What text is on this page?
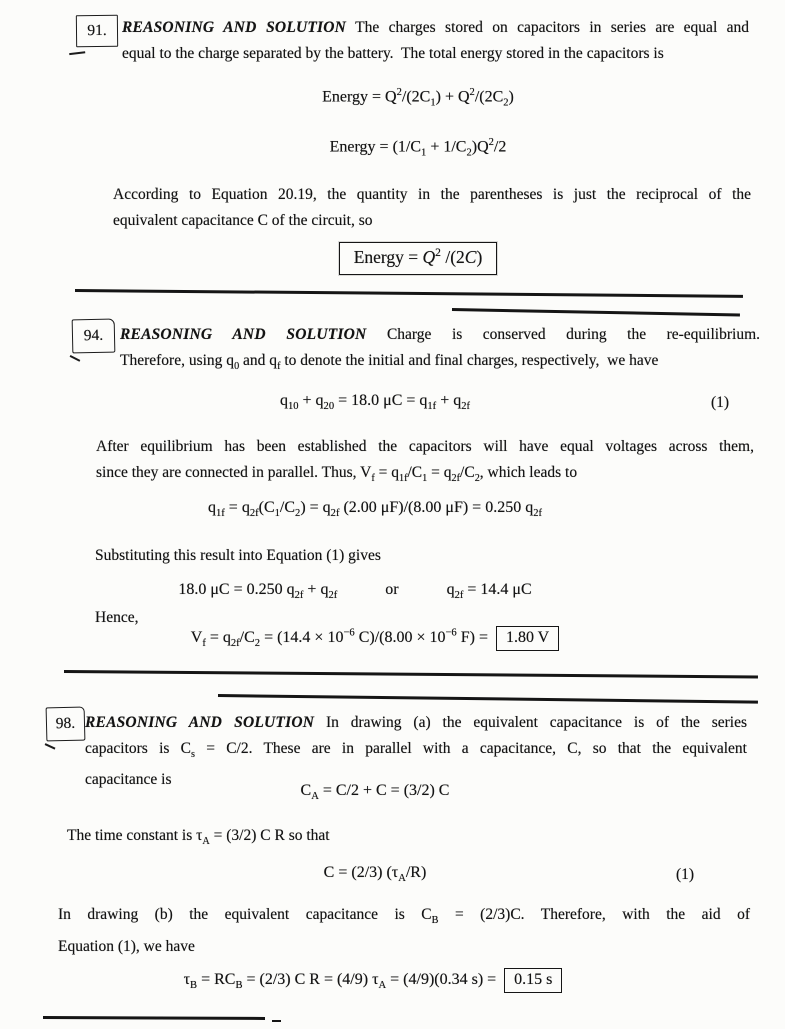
91. REASONING AND SOLUTION The charges stored on capacitors in series are equal and
equal to the charge separated by the battery.  The total energy stored in the capacitors is
Energy = $Q^2/(2C_1) + Q^2/(2C_2)$
Energy = $(1/C_1 + 1/C_2)Q^2/2$
According to Equation 20.19, the quantity in the parentheses is just the reciprocal of the
equivalent capacitance C of the circuit, so
Energy = $Q^2$ /(2C)
94. REASONING AND SOLUTION Charge is conserved during the re-equilibrium.
Therefore, using $q_0$ and $q_f$ to denote the initial and final charges, respectively,  we have
$q_{10} + q_{20} = 18.0$ $\mu C = q_{1f} + q_{2f}$	(1)
After equilibrium has been established the capacitors will have equal voltages across them,
since they are connected in parallel. Thus, $V_f = q_{1f}/C_1 = q_{2f}/C_2$, which leads to
$q_{1f} = q_{2f}(C_1/C_2) = q_{2f}$ (2.00 μF)/(8.00 μF) = 0.250 $q_{2f}$
Substituting this result into Equation (1) gives
18.0 μC = 0.250 $q_{2f} + q_{2f}$	or	$q_{2f} = 14.4$ μC
Hence,
$V_f = q_{2f}/C_2 = (14.4 \times 10^{-6}$ $C)/(8.00 \times 10^{-6}$ F) = 1.80 V
98. REASONING AND SOLUTION In drawing (a) the equivalent capacitance is of the series
capacitors is $C_s = C/2$. These are in parallel with a capacitance, C, so that the equivalent
capacitance is
$C_A = C/2 + C = (3/2)$ C
The time constant is $\tau_A = (3/2)$ C R so that
C = (2/3) $(\tau_A/R)$	(1)
In drawing (b) the equivalent capacitance is $C_B = (2/3)C$. Therefore, with the aid of
Equation (1), we have
$\tau_B = RC_B = (2/3)$ C R = (4/9) $\tau_A = (4/9)(0.34$ s) = 0.15 s
